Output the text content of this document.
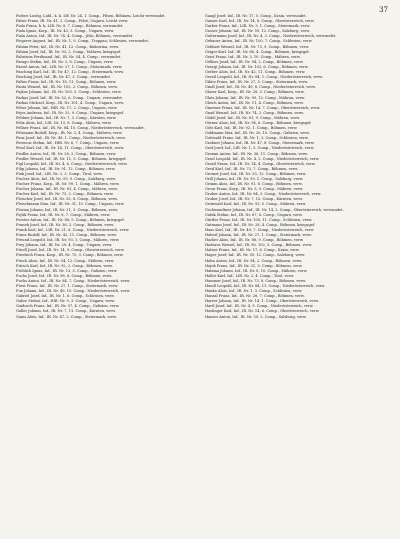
37

Forbes-Lustig, Lubl., k. k. LW. Nr. 24, 1. Comp., Pilsen, Böhmen, Leicht verwundet.

Faber Franz, IR. Nr. 41, 2. Comp., Felsö, Ungarn, Leicht verw.

Fiala Franz, k. k. LIR. Nr. 8, 7. Comp., Böhmen, verwundet.

Fiala Ignaz, Korp., IR. Nr. 43, 3. Comp., Ungarn, verw.

Fiala Anton, Inf., IR. Nr. 74, 4. Comp., Jičin, Böhmen, verwundet.

Feigerer August, Inf., IR. Nr. 1, 9. Comp., Troppau, Schlesien, verwundet.

Fabian Peter, Inf., IR. Nr. 41, 12. Comp., Bukowina, verw.

Fabian Josef, Inf., IR. Nr. 93, 2. Comp., Mähren, kriegsgef.

Fabrizius Ferdinand, Inf., IR. Nr. 54, 4. Comp., verwundet.

Farago Stefan, Inf., IR. Nr. 2, 8. Comp., Ungarn, verw.

Fassel Anton, Inf., LIR. Nr. 27, 1. Comp., Steiermark, verw.

Fasching Karl, Inf., IR. Nr. 47, 12. Comp., Steiermark, verw.

Fasching Josef, Inf., IR. Nr. 47, 3. Comp., verwundet.

Faltus Franz, Inf., IR. Nr. 18, 11. Comp., Böhmen, verw.

Fanta Wenzel, Inf., IR. Nr. 102, 2. Comp., Böhmen, verw.

Fajkus Johann, Inf., IR. Nr. 100, 5. Comp., Schlesien, verw.

Farkas Josef, Inf., IR. Nr. 52, 6. Comp., Ungarn, verwundet.

Farkas Michael, Korp., IR. Nr. 101, 4. Comp., Ungarn, verw.

Feher Johann, Inf., HIR. Nr. 17, 2. Comp., Ungarn, verw.

Fejes Andreas, Inf., IR. Nr. 32, 9. Comp., Ungarn, kriegsgef.

Feldner Johann, Inf., IR. Nr. 7, 3. Comp., Kärnten, verw.

Felix Alois, Inf., LIR. Nr. 13, 8. Comp., Mähren, verw.

Fellner Franz, Inf., IR. Nr. 84, 10. Comp., Niederösterreich, verwundet.

Felzmann Rudolf, Korp., IR. Nr. 3, 4. Comp., Mähren, verw.

Fenz Josef, Inf., IR. Nr. 49, 1. Comp., Niederösterreich, verw.

Ferenczi Stefan, Inf., HIR. Nr. 6, 7. Comp., Ungarn, verw.

Fessl Karl, Inf., IR. Nr. 14, 11. Comp., Oberösterreich, verw.

Fiedler Anton, Inf., IR. Nr. 28, 2. Comp., Böhmen, verw.

Fiedler Wenzel, Inf., IR. Nr. 11, 5. Comp., Böhmen, kriegsgef.

Figl Leopold, Inf., IR. Nr. 4, 6. Comp., Niederösterreich, verw.

Filip Johann, Inf., IR. Nr. 91, 12. Comp., Böhmen, verw.

Fink Josef, Inf., LIR. Nr. 2, 3. Comp., Tirol, verw.

Fischer Alois, Inf., IR. Nr. 59, 9. Comp., Salzburg, verw.

Fischer Franz, Korp., IR. Nr. 99, 1. Comp., Mähren, verw.

Fischer Johann, Inf., IR. Nr. 81, 4. Comp., Mähren, verw.

Fischer Karl, Inf., IR. Nr. 73, 2. Comp., Böhmen, verw.

Fleischer Josef, Inf., IR. Nr. 35, 8. Comp., Böhmen, verw.

Fleischmann Max, Inf., IR. Nr. 31, 10. Comp., Ungarn, verw.

Florian Johann, Inf., IR. Nr. 21, 3. Comp., Böhmen, verw.

Fojtik Franz, Inf., IR. Nr. 8, 7. Comp., Mähren, verw.

Forster Anton, Inf., IR. Nr. 88, 5. Comp., Böhmen, kriegsgef.

Franek Josef, Inf., IR. Nr. 36, 2. Comp., Böhmen, verw.

Frank Karl, Inf., LIR. Nr. 21, 6. Comp., Niederösterreich, verw.

Franz Rudolf, Inf., IR. Nr. 42, 11. Comp., Böhmen, verw.

Freund Leopold, Inf., IR. Nr. 93, 1. Comp., Mähren, verw.

Frey Johann, Inf., IR. Nr. 29, 4. Comp., Ungarn, verw.

Friedl Josef, Inf., IR. Nr. 14, 9. Comp., Oberösterreich, verw.

Friedrich Franz, Korp., IR. Nr. 75, 3. Comp., Böhmen, verw.

Frisch Alois, Inf., IR. Nr. 54, 12. Comp., Mähren, verw.

Fritsch Karl, Inf., IR. Nr. 92, 2. Comp., Böhmen, verw.

Fröhlich Ignaz, Inf., IR. Nr. 13, 5. Comp., Galizien, verw.

Fuchs Josef, Inf., IR. Nr. 98, 8. Comp., Böhmen, verw.

Fuchs Anton, Inf., IR. Nr. 84, 7. Comp., Niederösterreich, verw.

Fürst Franz, Inf., IR. Nr. 27, 1. Comp., Steiermark, verw.

Fux Johann, Inf., IR. Nr. 49, 10. Comp., Niederösterreich, verw.

Gabriel Josef, Inf., IR. Nr. 1, 6. Comp., Schlesien, verw.

Gabor Stefan, Inf., HIR. Nr. 9, 3. Comp., Ungarn, verw.

Gaidosch Franz, Inf., IR. Nr. 57, 4. Comp., Galizien, verw.

Galler Johann, Inf., IR. Nr. 7, 11. Comp., Kärnten, verw.

Gams Alois, Inf., IR. Nr. 47, 2. Comp., Steiermark, verw.

Gangl Josef, Inf., IR. Nr. 17, 5. Comp., Krain, verwundet.

Ganser Karl, Inf., IR. Nr. 14, 8. Comp., Oberösterreich, verw.

Garber Franz, Inf., LIR. Nr. 3, 1. Comp., Steiermark, verw.

Gasser Johann, Inf., IR. Nr. 59, 12. Comp., Salzburg, verw.

Gattermann Josef, Inf., IR. Nr. 4, 3. Comp., Niederösterreich, verwundet.

Gebauer Anton, Inf., IR. Nr. 100, 7. Comp., Schlesien, verw.

Gebhart Wenzel, Inf., IR. Nr. 73, 9. Comp., Böhmen, verw.

Geiger Karl, Inf., IR. Nr. 88, 4. Comp., Böhmen, kriegsgef.

Geist Franz, Inf., IR. Nr. 3, 10. Comp., Mähren, verw.

Gellner Josef, Inf., IR. Nr. 94, 2. Comp., Böhmen, verw.

Georgi Johann, Inf., IR. Nr. 102, 6. Comp., Böhmen, verw.

Gerber Alois, Inf., IR. Nr. 42, 11. Comp., Böhmen, verw.

Gerstl Leopold, Inf., IR. Nr. 84, 1. Comp., Niederösterreich, verw.

Gibitz Franz, Inf., IR. Nr. 27, 5. Comp., Steiermark, verw.

Gindl Josef, Inf., IR. Nr. 49, 8. Comp., Niederösterreich, verw.

Glaser Karl, Korp., IR. Nr. 28, 3. Comp., Böhmen, verw.

Glatz Johann, Inf., IR. Nr. 99, 12. Comp., Mähren, verw.

Gleich Anton, Inf., IR. Nr. 11, 4. Comp., Böhmen, verw.

Gmeiner Franz, Inf., IR. Nr. 14, 7. Comp., Oberösterreich, verw.

Gnad Wenzel, Inf., IR. Nr. 74, 2. Comp., Böhmen, verw.

Gödel Josef, Inf., IR. Nr. 81, 9. Comp., Mähren, verw.

Görner Alois, Inf., IR. Nr. 94, 6. Comp., Böhmen, kriegsgef.

Götz Karl, Inf., IR. Nr. 92, 1. Comp., Böhmen, verw.

Goldmann Max, Inf., IR. Nr. 20, 10. Comp., Galizien, verw.

Gottwald Franz, Inf., IR. Nr. 1, 3. Comp., Schlesien, verw.

Grabner Johann, Inf., IR. Nr. 47, 8. Comp., Steiermark, verw.

Graf Josef, Inf., LIR. Nr. 1, 5. Comp., Niederösterreich, verw.

Gramm Anton, Inf., IR. Nr. 36, 11. Comp., Böhmen, verw.

Grasl Leopold, Inf., IR. Nr. 4, 2. Comp., Niederösterreich, verw.

Gratzl Franz, Inf., IR. Nr. 14, 4. Comp., Oberösterreich, verw.

Greif Karl, Inf., IR. Nr. 73, 7. Comp., Böhmen, verw.

Greiner Josef, Inf., IR. Nr. 35, 12. Comp., Böhmen, verw.

Grill Johann, Inf., IR. Nr. 59, 1. Comp., Salzburg, verw.

Grimm Alois, Inf., IR. Nr. 91, 6. Comp., Böhmen, verw.

Gross Franz, Korp., IR. Nr. 3, 9. Comp., Mähren, verw.

Gruber Anton, Inf., IR. Nr. 84, 3. Comp., Niederösterreich, verw.

Gruber Josef, Inf., IR. Nr. 7, 10. Comp., Kärnten, verw.

Grünwald Karl, Inf., IR. Nr. 93, 5. Comp., Mähren, verw.

Gschwandtner Johann, Inf., IR. Nr. 14, 2. Comp., Oberösterreich, verwundet.

Gubik Stefan, Inf., IR. Nr. 67, 8. Comp., Ungarn, verw.

Gürtler Franz, Inf., IR. Nr. 100, 11. Comp., Schlesien, verw.

Gutmann Josef, Inf., IR. Nr. 28, 4. Comp., Böhmen, kriegsgef.

Haas Karl, Inf., IR. Nr. 49, 7. Comp., Niederösterreich, verw.

Haberl Johann, Inf., IR. Nr. 27, 1. Comp., Steiermark, verw.

Hacker Alois, Inf., IR. Nr. 88, 9. Comp., Böhmen, verw.

Hadrava Wenzel, Inf., IR. Nr. 102, 3. Comp., Böhmen, verw.

Hafner Franz, Inf., IR. Nr. 17, 6. Comp., Krain, verw.

Hager Josef, Inf., IR. Nr. 59, 12. Comp., Salzburg, verw.

Hahn Anton, Inf., IR. Nr. 94, 2. Comp., Böhmen, verw.

Hajek Franz, Inf., IR. Nr. 21, 5. Comp., Böhmen, verw.

Halama Johann, Inf., IR. Nr. 8, 10. Comp., Mähren, verw.

Haller Karl, Inf., LIR. Nr. 2, 4. Comp., Tirol, verw.

Hammer Josef, Inf., IR. Nr. 73, 8. Comp., Böhmen, verw.

Handl Leopold, Inf., IR. Nr. 84, 11. Comp., Niederösterreich, verw.

Hanke Alois, Inf., IR. Nr. 1, 3. Comp., Schlesien, verw.

Hanzal Franz, Inf., IR. Nr. 28, 7. Comp., Böhmen, verw.

Harrer Johann, Inf., IR. Nr. 14, 1. Comp., Oberösterreich, verw.

Hartl Josef, Inf., IR. Nr. 4, 9. Comp., Niederösterreich, verw.

Haslinger Karl, Inf., IR. Nr. 14, 6. Comp., Oberösterreich, verw.

Hauser Anton, Inf., IR. Nr. 59, 2. Comp., Salzburg, verw.
